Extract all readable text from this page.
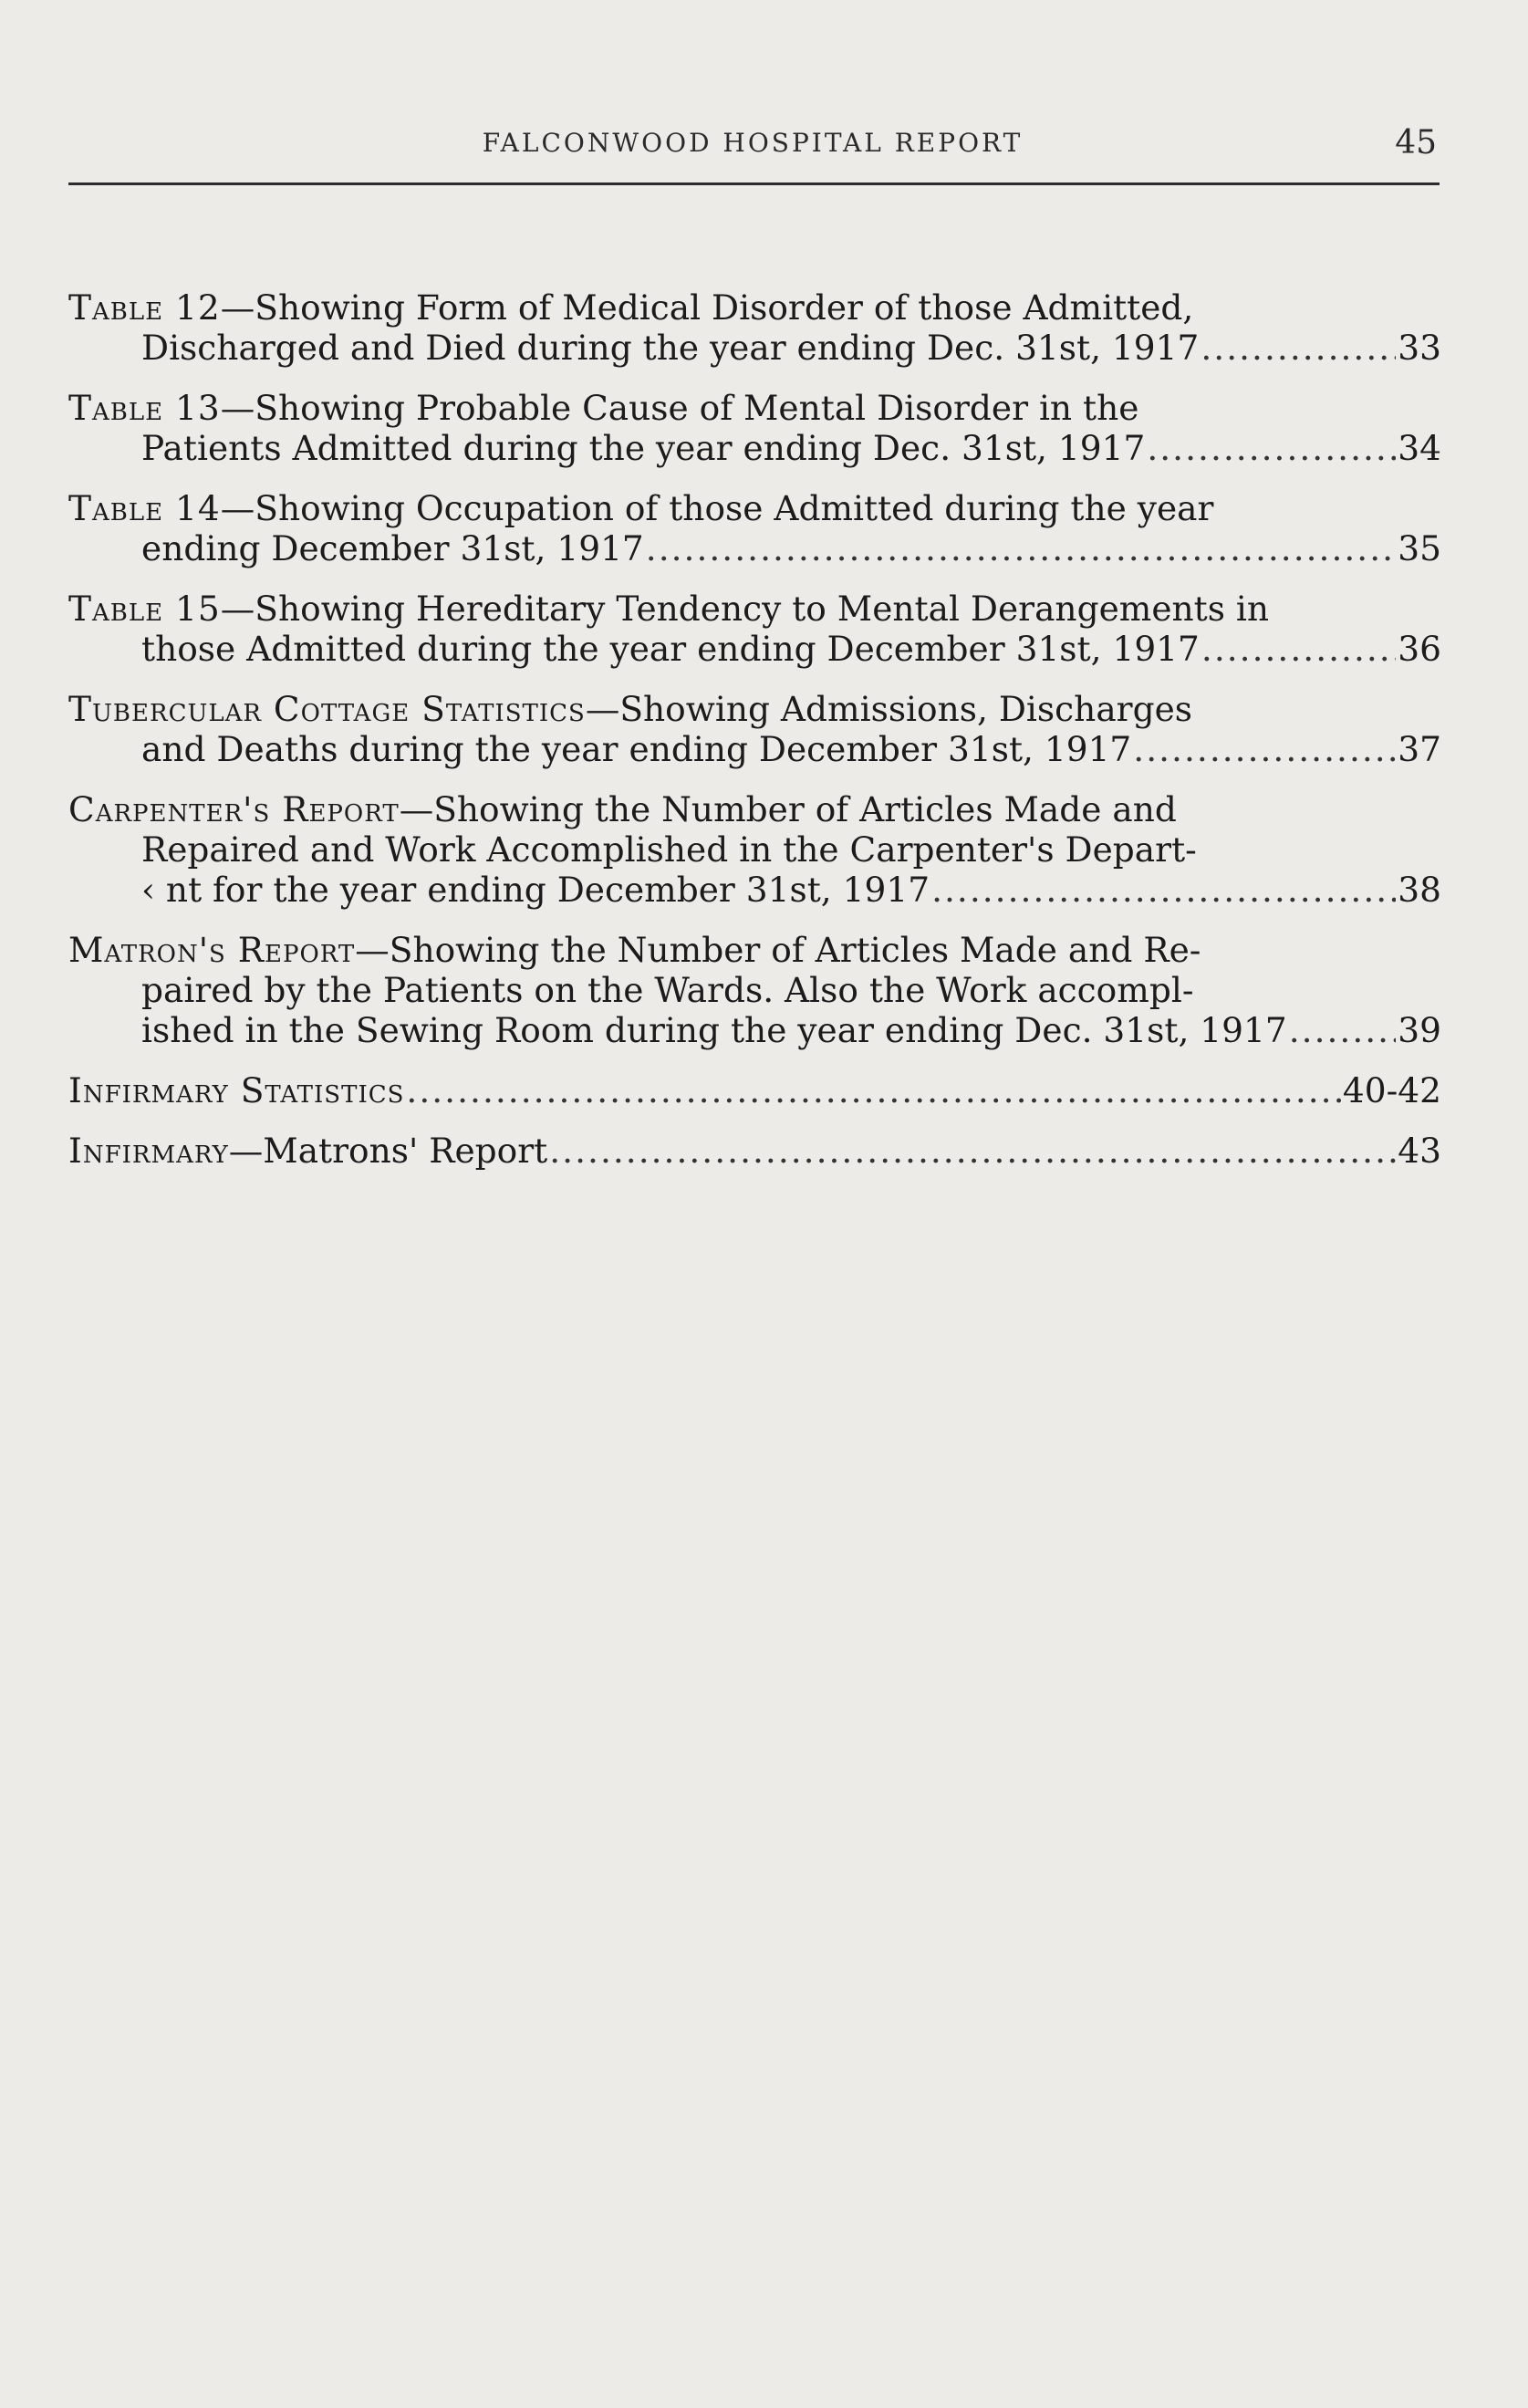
FALCONWOOD HOSPITAL REPORT	45
Table 12—Showing Form of Medical Disorder of those Admitted,
Discharged and Died during the year ending Dec. 31st, 1917 .....	33
Table 13—Showing Probable Cause of Mental Disorder in the
Patients Admitted during the year ending Dec. 31st, 1917 .....	34
Table 14—Showing Occupation of those Admitted during the year
ending December 31st, 1917 .....	35
Table 15—Showing Hereditary Tendency to Mental Derangements in
those Admitted during the year ending December 31st, 1917 .....	36
Tubercular Cottage Statistics—Showing Admissions, Discharges
and Deaths during the year ending December 31st, 1917 .....	37
Carpenter's Report—Showing the Number of Articles Made and
Repaired and Work Accomplished in the Carpenter's Depart-
‹ nt for the year ending December 31st, 1917 .....	38
Matron's Report—Showing the Number of Articles Made and Re-
paired by the Patients on the Wards. Also the Work accompl-
ished in the Sewing Room during the year ending Dec. 31st, 1917 .....	39
Infirmary Statistics .....	40-42
Infirmary—Matrons' Report .....	43
